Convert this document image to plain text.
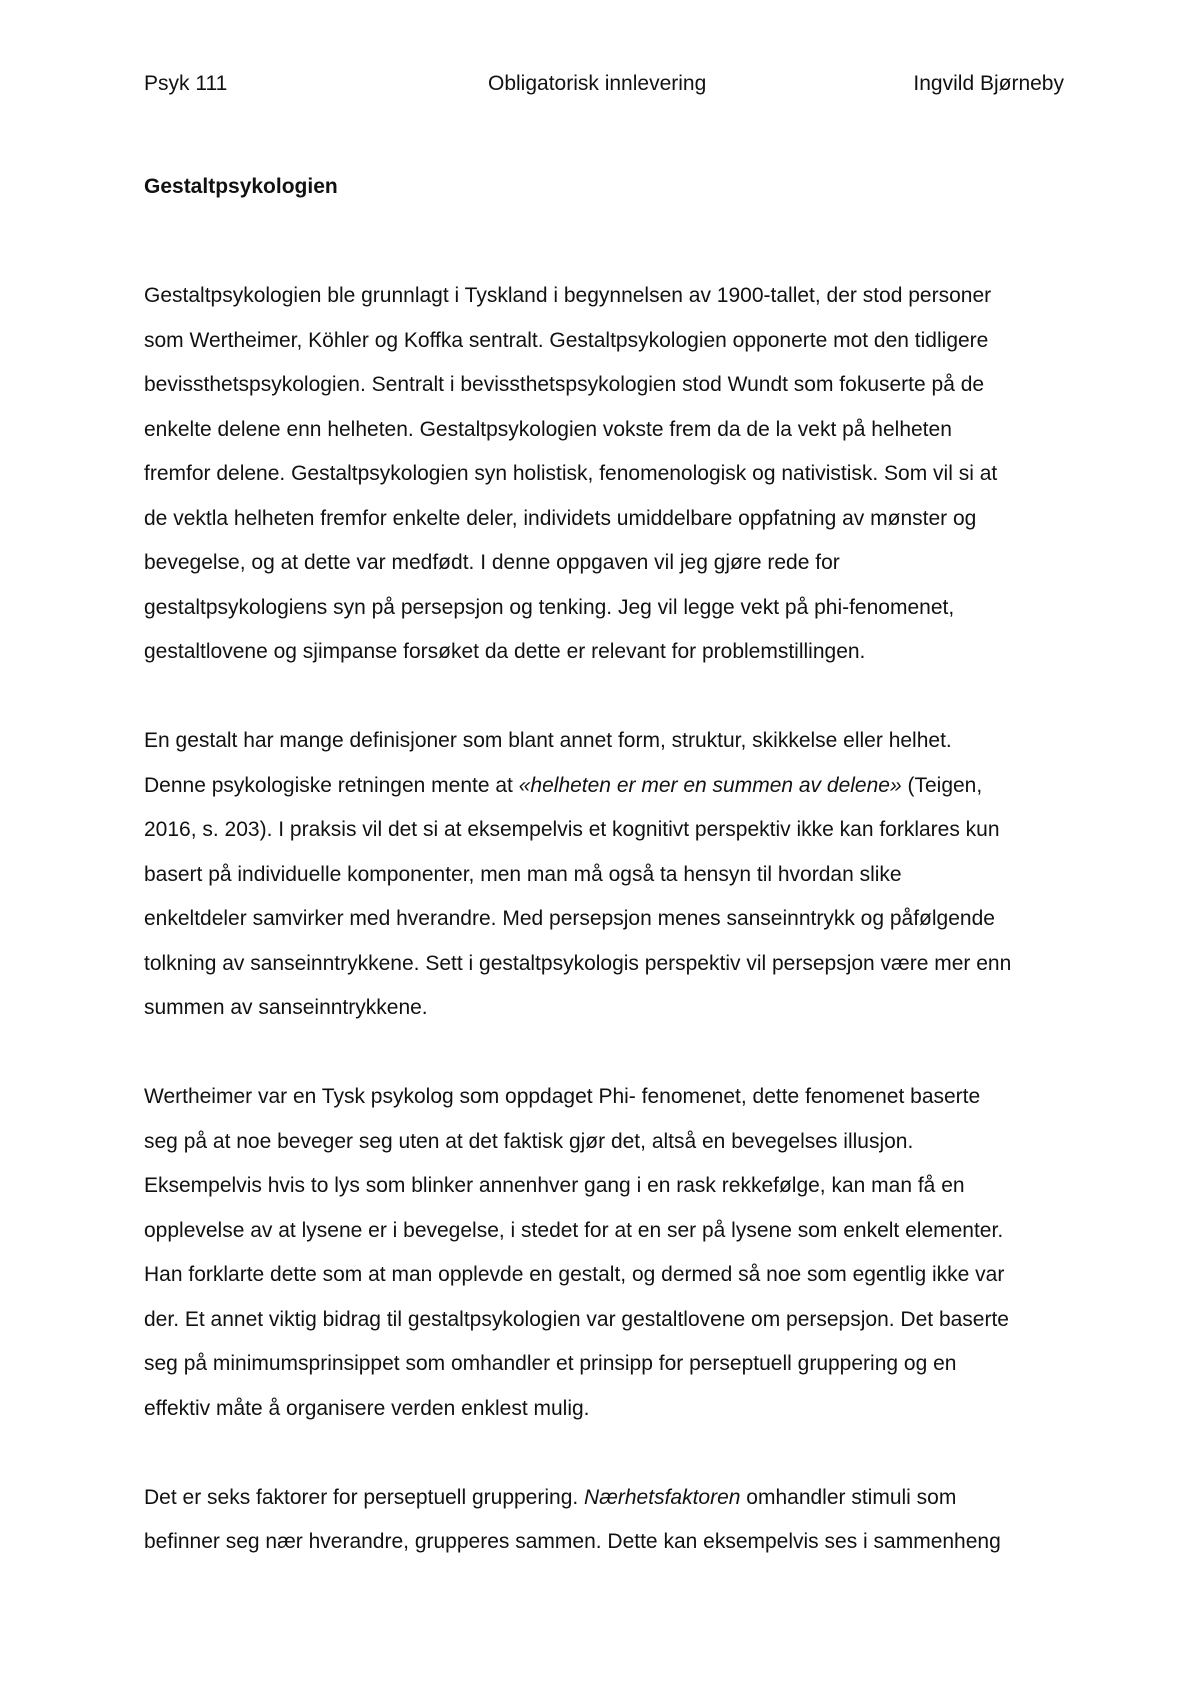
Psyk 111	Obligatorisk innlevering	Ingvild Bjørneby
Gestaltpsykologien

Gestaltpsykologien ble grunnlagt i Tyskland i begynnelsen av 1900-tallet, der stod personer
som Wertheimer, Köhler og Koffka sentralt. Gestaltpsykologien opponerte mot den tidligere
bevissthetspsykologien. Sentralt i bevissthetspsykologien stod Wundt som fokuserte på de
enkelte delene enn helheten. Gestaltpsykologien vokste frem da de la vekt på helheten
fremfor delene. Gestaltpsykologien syn holistisk, fenomenologisk og nativistisk. Som vil si at
de vektla helheten fremfor enkelte deler, individets umiddelbare oppfatning av mønster og
bevegelse, og at dette var medfødt. I denne oppgaven vil jeg gjøre rede for
gestaltpsykologiens syn på persepsjon og tenking. Jeg vil legge vekt på phi-fenomenet,
gestaltlovene og sjimpanse forsøket da dette er relevant for problemstillingen.

En gestalt har mange definisjoner som blant annet form, struktur, skikkelse eller helhet.
Denne psykologiske retningen mente at «helheten er mer en summen av delene» (Teigen,
2016, s. 203). I praksis vil det si at eksempelvis et kognitivt perspektiv ikke kan forklares kun
basert på individuelle komponenter, men man må også ta hensyn til hvordan slike
enkeltdeler samvirker med hverandre. Med persepsjon menes sanseinntrykk og påfølgende
tolkning av sanseinntrykkene. Sett i gestaltpsykologis perspektiv vil persepsjon være mer enn
summen av sanseinntrykkene.

Wertheimer var en Tysk psykolog som oppdaget Phi- fenomenet, dette fenomenet baserte
seg på at noe beveger seg uten at det faktisk gjør det, altså en bevegelses illusjon.
Eksempelvis hvis to lys som blinker annenhver gang i en rask rekkefølge, kan man få en
opplevelse av at lysene er i bevegelse, i stedet for at en ser på lysene som enkelt elementer.
Han forklarte dette som at man opplevde en gestalt, og dermed så noe som egentlig ikke var
der. Et annet viktig bidrag til gestaltpsykologien var gestaltlovene om persepsjon. Det baserte
seg på minimumsprinsippet som omhandler et prinsipp for perseptuell gruppering og en
effektiv måte å organisere verden enklest mulig.

Det er seks faktorer for perseptuell gruppering. Nærhetsfaktoren omhandler stimuli som
befinner seg nær hverandre, grupperes sammen. Dette kan eksempelvis ses i sammenheng
